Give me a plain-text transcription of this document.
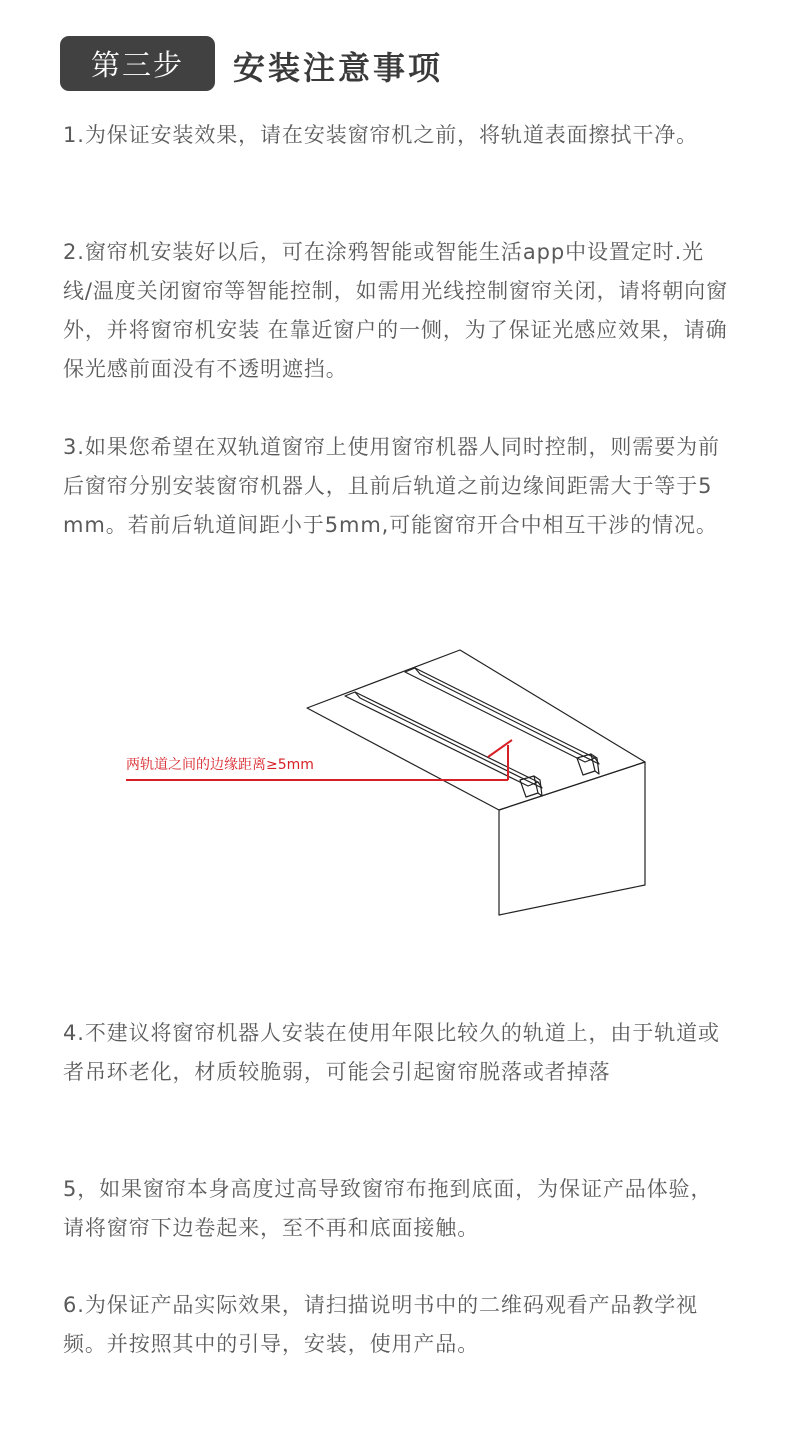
第三步 安装注意事项

1.为保证安装效果，请在安装窗帘机之前，将轨道表面擦拭干净。

2.窗帘机安装好以后，可在涂鸦智能或智能生活app中设置定时.光线/温度关闭窗帘等智能控制，如需用光线控制窗帘关闭，请将朝向窗外，并将窗帘机安装 在靠近窗户的一侧，为了保证光感应效果，请确保光感前面没有不透明遮挡。

3.如果您希望在双轨道窗帘上使用窗帘机器人同时控制，则需要为前后窗帘分别安装窗帘机器人，且前后轨道之前边缘间距需大于等于5mm。若前后轨道间距小于5mm,可能窗帘开合中相互干涉的情况。

两轨道之间的边缘距离≥5mm

4.不建议将窗帘机器人安装在使用年限比较久的轨道上，由于轨道或者吊环老化，材质较脆弱，可能会引起窗帘脱落或者掉落

5，如果窗帘本身高度过高导致窗帘布拖到底面，为保证产品体验，请将窗帘下边卷起来，至不再和底面接触。

6.为保证产品实际效果，请扫描说明书中的二维码观看产品教学视频。并按照其中的引导，安装，使用产品。
